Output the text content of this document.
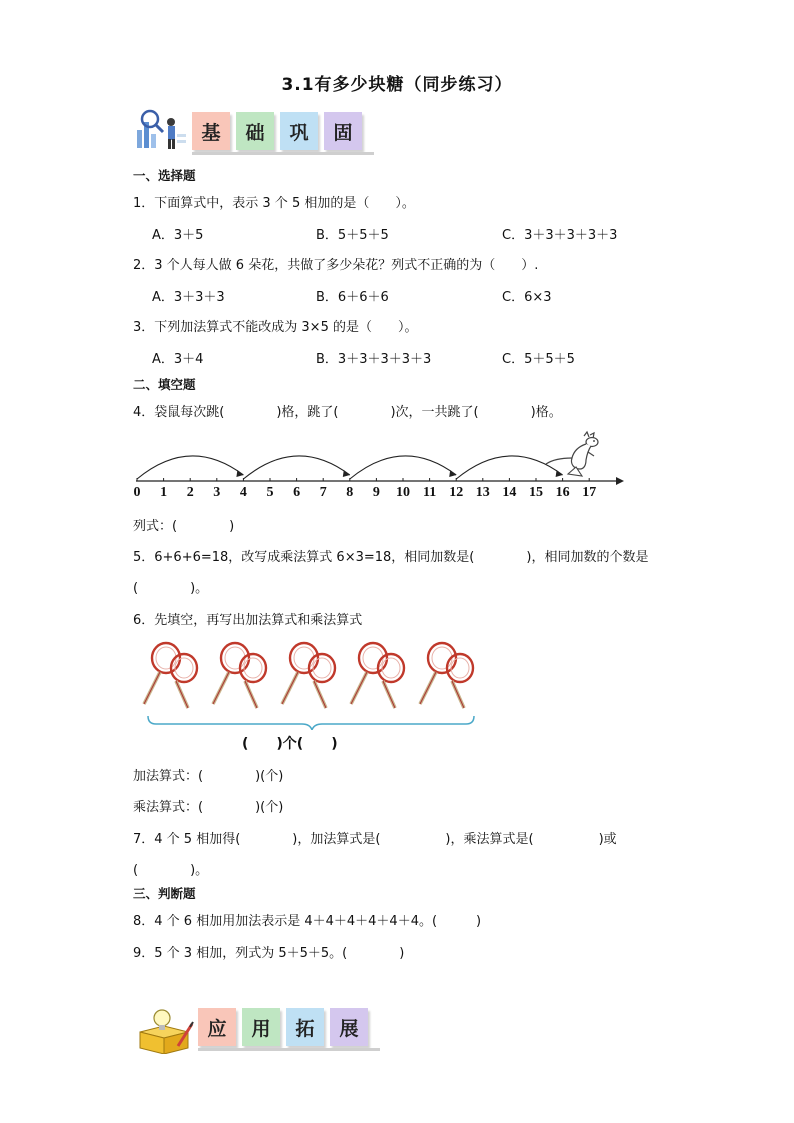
3.1有多少块糖（同步练习）
基	础	巩	固
一、选择题
1．下面算式中，表示 3 个 5 相加的是（　　）。
A．3＋5	B．5＋5＋5	C．3＋3＋3＋3＋3
2．3 个人每人做 6 朵花，共做了多少朵花？列式不正确的为（　　）.
A．3＋3＋3	B．6＋6＋6	C．6×3
3．下列加法算式不能改成为 3×5 的是（　　）。
A．3＋4	B．3＋3＋3＋3＋3	C．5＋5＋5
二、填空题
4．袋鼠每次跳(　　　　)格，跳了(　　　　)次，一共跳了(　　　　)格。
0 1 2 3 4 5 6 7 8 9 10 11 12 13 14 15 16 17
列式：(　　　　)
5．6+6+6=18，改写成乘法算式 6×3=18，相同加数是(　　　　)，相同加数的个数是
(　　　　)。
6．先填空，再写出加法算式和乘法算式
(　　)个(　　)
加法算式：(　　　　)(个)
乘法算式：(　　　　)(个)
7．4 个 5 相加得(　　　　)，加法算式是(　　　　　)，乘法算式是(　　　　　)或
(　　　　)。
三、判断题
8．4 个 6 相加用加法表示是 4＋4＋4＋4＋4＋4。(　　　)
9．5 个 3 相加，列式为 5＋5＋5。(　　　　)
应	用	拓	展
